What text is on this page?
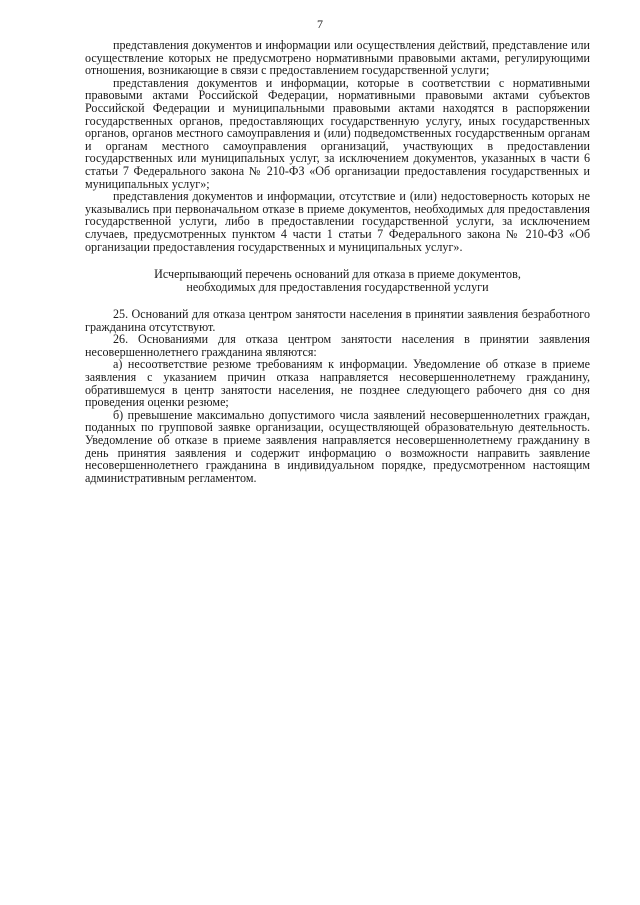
7

представления документов и информации или осуществления действий, представление или осуществление которых не предусмотрено нормативными правовыми актами, регулирующими отношения, возникающие в связи с предоставлением государственной услуги;

представления документов и информации, которые в соответствии с нормативными правовыми актами Российской Федерации, нормативными правовыми актами субъектов Российской Федерации и муниципальными правовыми актами находятся в распоряжении государственных органов, предоставляющих государственную услугу, иных государственных органов, органов местного самоуправления и (или) подведомственных государственным органам и органам местного самоуправления организаций, участвующих в предоставлении государственных или муниципальных услуг, за исключением документов, указанных в части 6 статьи 7 Федерального закона № 210-ФЗ «Об организации предоставления государственных и муниципальных услуг»;

представления документов и информации, отсутствие и (или) недостоверность которых не указывались при первоначальном отказе в приеме документов, необходимых для предоставления государственной услуги, либо в предоставлении государственной услуги, за исключением случаев, предусмотренных пунктом 4 части 1 статьи 7 Федерального закона № 210-ФЗ «Об организации предоставления государственных и муниципальных услуг».

Исчерпывающий перечень оснований для отказа в приеме документов,
необходимых для предоставления государственной услуги

25. Оснований для отказа центром занятости населения в принятии заявления безработного гражданина отсутствуют.

26. Основаниями для отказа центром занятости населения в принятии заявления несовершеннолетнего гражданина являются:

а) несоответствие резюме требованиям к информации. Уведомление об отказе в приеме заявления с указанием причин отказа направляется несовершеннолетнему гражданину, обратившемуся в центр занятости населения, не позднее следующего рабочего дня со дня проведения оценки резюме;

б) превышение максимально допустимого числа заявлений несовершеннолетних граждан, поданных по групповой заявке организации, осуществляющей образовательную деятельность. Уведомление об отказе в приеме заявления направляется несовершеннолетнему гражданину в день принятия заявления и содержит информацию о возможности направить заявление несовершеннолетнего гражданина в индивидуальном порядке, предусмотренном настоящим административным регламентом.
